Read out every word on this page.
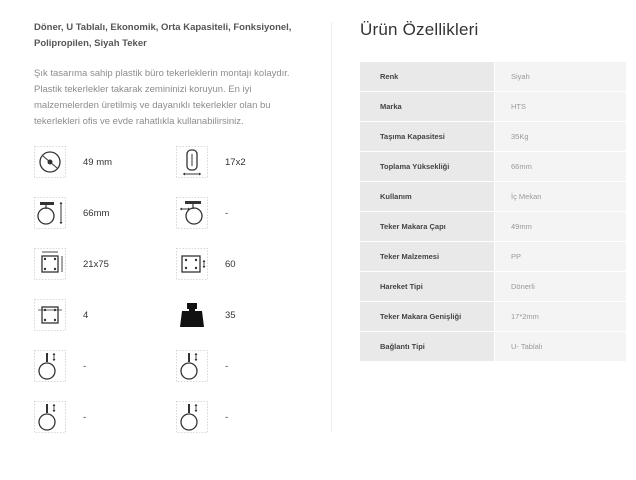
Döner, U Tablalı, Ekonomik, Orta Kapasiteli, Fonksiyonel,
Polipropilen, Siyah Teker
Şık tasarıma sahip plastik büro tekerleklerin montajı kolaydır.
Plastik tekerlekler takarak zemininizi koruyun. En iyi
malzemelerden üretilmiş ve dayanıklı tekerlekler olan bu
tekerlekleri ofis ve evde rahatlıkla kullanabilirsiniz.
49 mm	17x2
66mm	-
21x75	60
4	35
-	-
-	-
Ürün Özellikleri
Renk	Siyah
Marka	HTS
Taşıma Kapasitesi	35Kg
Toplama Yüksekliği	66mm
Kullanım	İç Mekan
Teker Makara Çapı	49mm
Teker Malzemesi	PP
Hareket Tipi	Dönerli
Teker Makara Genişliği	17*2mm
Bağlantı Tipi	U- Tablalı
